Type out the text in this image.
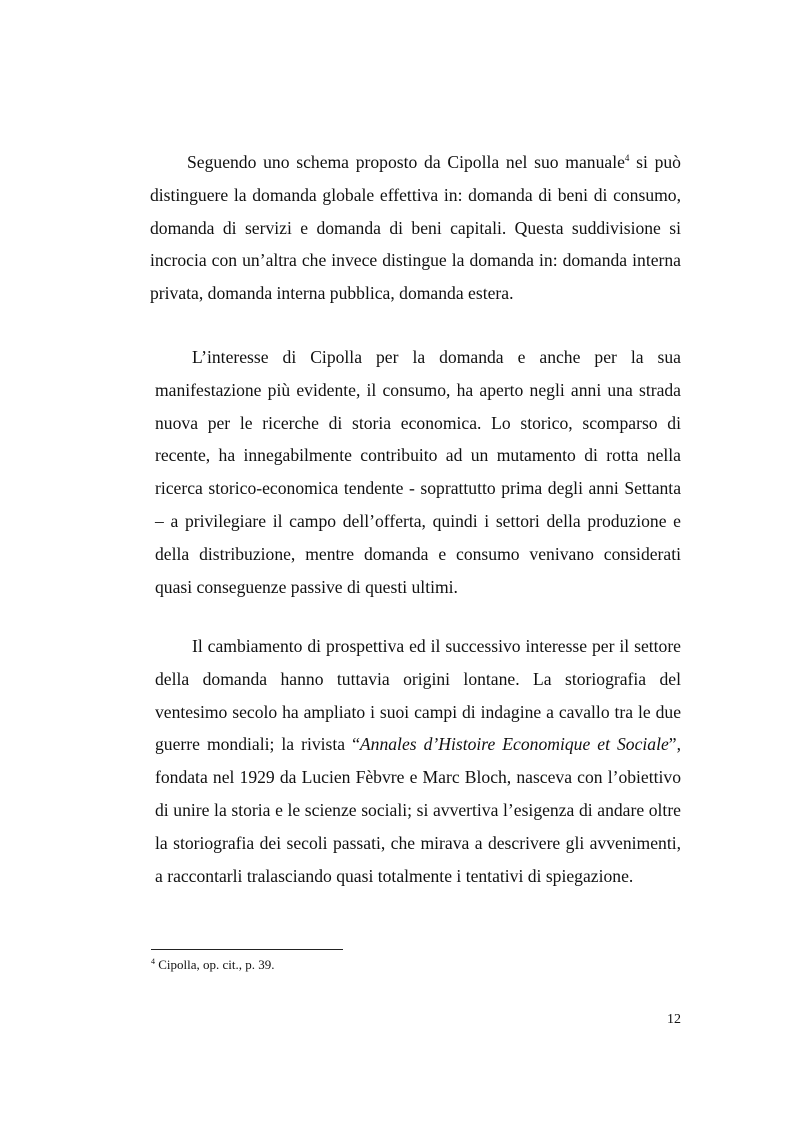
Seguendo uno schema proposto da Cipolla nel suo manuale$^4$ si può distinguere la domanda globale effettiva in: domanda di beni di consumo, domanda di servizi e domanda di beni capitali. Questa suddivisione si incrocia con un’altra che invece distingue la domanda in: domanda interna privata, domanda interna pubblica, domanda estera.

L’interesse di Cipolla per la domanda e anche per la sua manifestazione più evidente, il consumo, ha aperto negli anni una strada nuova per le ricerche di storia economica. Lo storico, scomparso di recente, ha innegabilmente contribuito ad un mutamento di rotta nella ricerca storico-economica tendente - soprattutto prima degli anni Settanta – a privilegiare il campo dell’offerta, quindi i settori della produzione e della distribuzione, mentre domanda e consumo venivano considerati quasi conseguenze passive di questi ultimi.

Il cambiamento di prospettiva ed il successivo interesse per il settore della domanda hanno tuttavia origini lontane. La storiografia del ventesimo secolo ha ampliato i suoi campi di indagine a cavallo tra le due guerre mondiali; la rivista “Annales d’Histoire Economique et Sociale”, fondata nel 1929 da Lucien Fèbvre e Marc Bloch, nasceva con l’obiettivo di unire la storia e le scienze sociali; si avvertiva l’esigenza di andare oltre la storiografia dei secoli passati, che mirava a descrivere gli avvenimenti, a raccontarli tralasciando quasi totalmente i tentativi di spiegazione.

$^4$ Cipolla, op. cit., p. 39.

12
